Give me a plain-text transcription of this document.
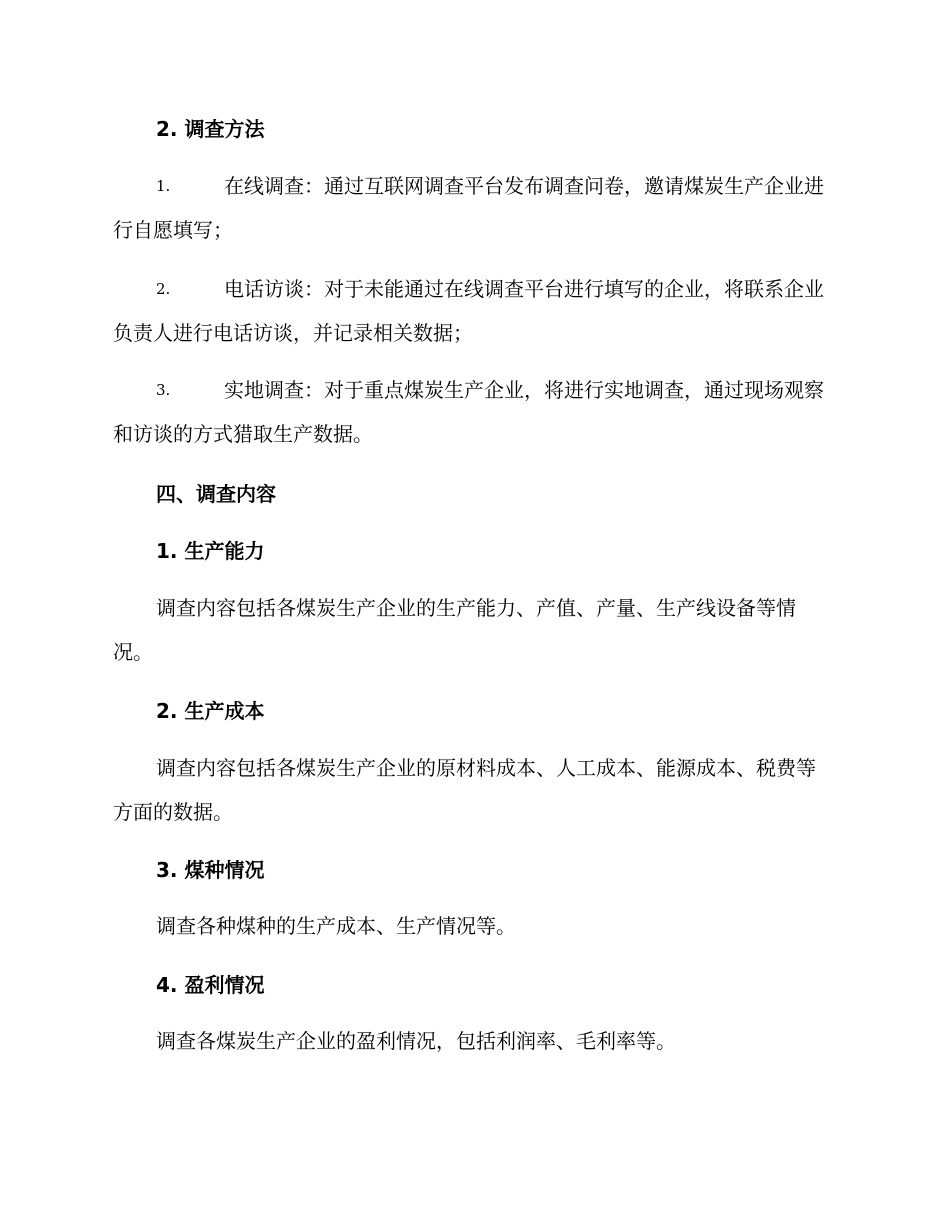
2. 调查方法
1.	在线调查：通过互联网调查平台发布调查问卷，邀请煤炭生产企业进行自愿填写；
2.	电话访谈：对于未能通过在线调查平台进行填写的企业，将联系企业负责人进行电话访谈，并记录相关数据；
3.	实地调查：对于重点煤炭生产企业，将进行实地调查，通过现场观察和访谈的方式猎取生产数据。
四、调查内容
1. 生产能力
调查内容包括各煤炭生产企业的生产能力、产值、产量、生产线设备等情况。
2. 生产成本
调查内容包括各煤炭生产企业的原材料成本、人工成本、能源成本、税费等方面的数据。
3. 煤种情况
调查各种煤种的生产成本、生产情况等。
4. 盈利情况
调查各煤炭生产企业的盈利情况，包括利润率、毛利率等。
